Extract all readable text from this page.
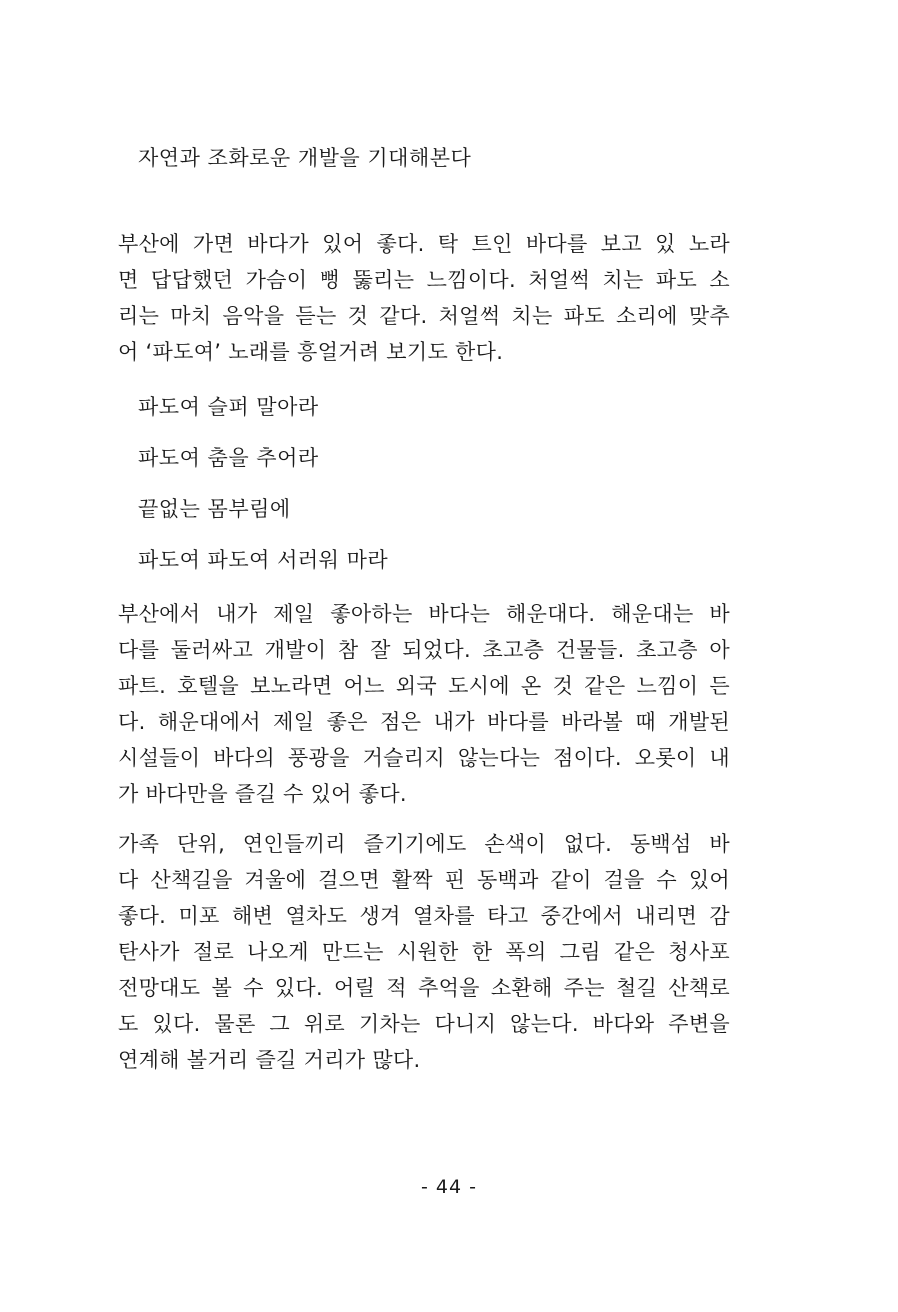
자연과 조화로운 개발을 기대해본다
부산에 가면 바다가 있어 좋다. 탁 트인 바다를 보고 있 노라
면 답답했던 가슴이 뻥 뚫리는 느낌이다. 처얼썩 치는 파도 소
리는 마치 음악을 듣는 것 같다. 처얼썩 치는 파도 소리에 맞추
어 ‘파도여’ 노래를 흥얼거려 보기도 한다.
파도여 슬퍼 말아라
파도여 춤을 추어라
끝없는 몸부림에
파도여 파도여 서러워 마라
부산에서 내가 제일 좋아하는 바다는 해운대다. 해운대는 바
다를 둘러싸고 개발이 참 잘 되었다. 초고층 건물들. 초고층 아
파트. 호텔을 보노라면 어느 외국 도시에 온 것 같은 느낌이 든
다. 해운대에서 제일 좋은 점은 내가 바다를 바라볼 때 개발된
시설들이 바다의 풍광을 거슬리지 않는다는 점이다. 오롯이 내
가 바다만을 즐길 수 있어 좋다.
가족 단위, 연인들끼리 즐기기에도 손색이 없다. 동백섬 바
다 산책길을 겨울에 걸으면 활짝 핀 동백과 같이 걸을 수 있어
좋다. 미포 해변 열차도 생겨 열차를 타고 중간에서 내리면 감
탄사가 절로 나오게 만드는 시원한 한 폭의 그림 같은 청사포
전망대도 볼 수 있다. 어릴 적 추억을 소환해 주는 철길 산책로
도 있다. 물론 그 위로 기차는 다니지 않는다. 바다와 주변을
연계해 볼거리 즐길 거리가 많다.
- 44 -
